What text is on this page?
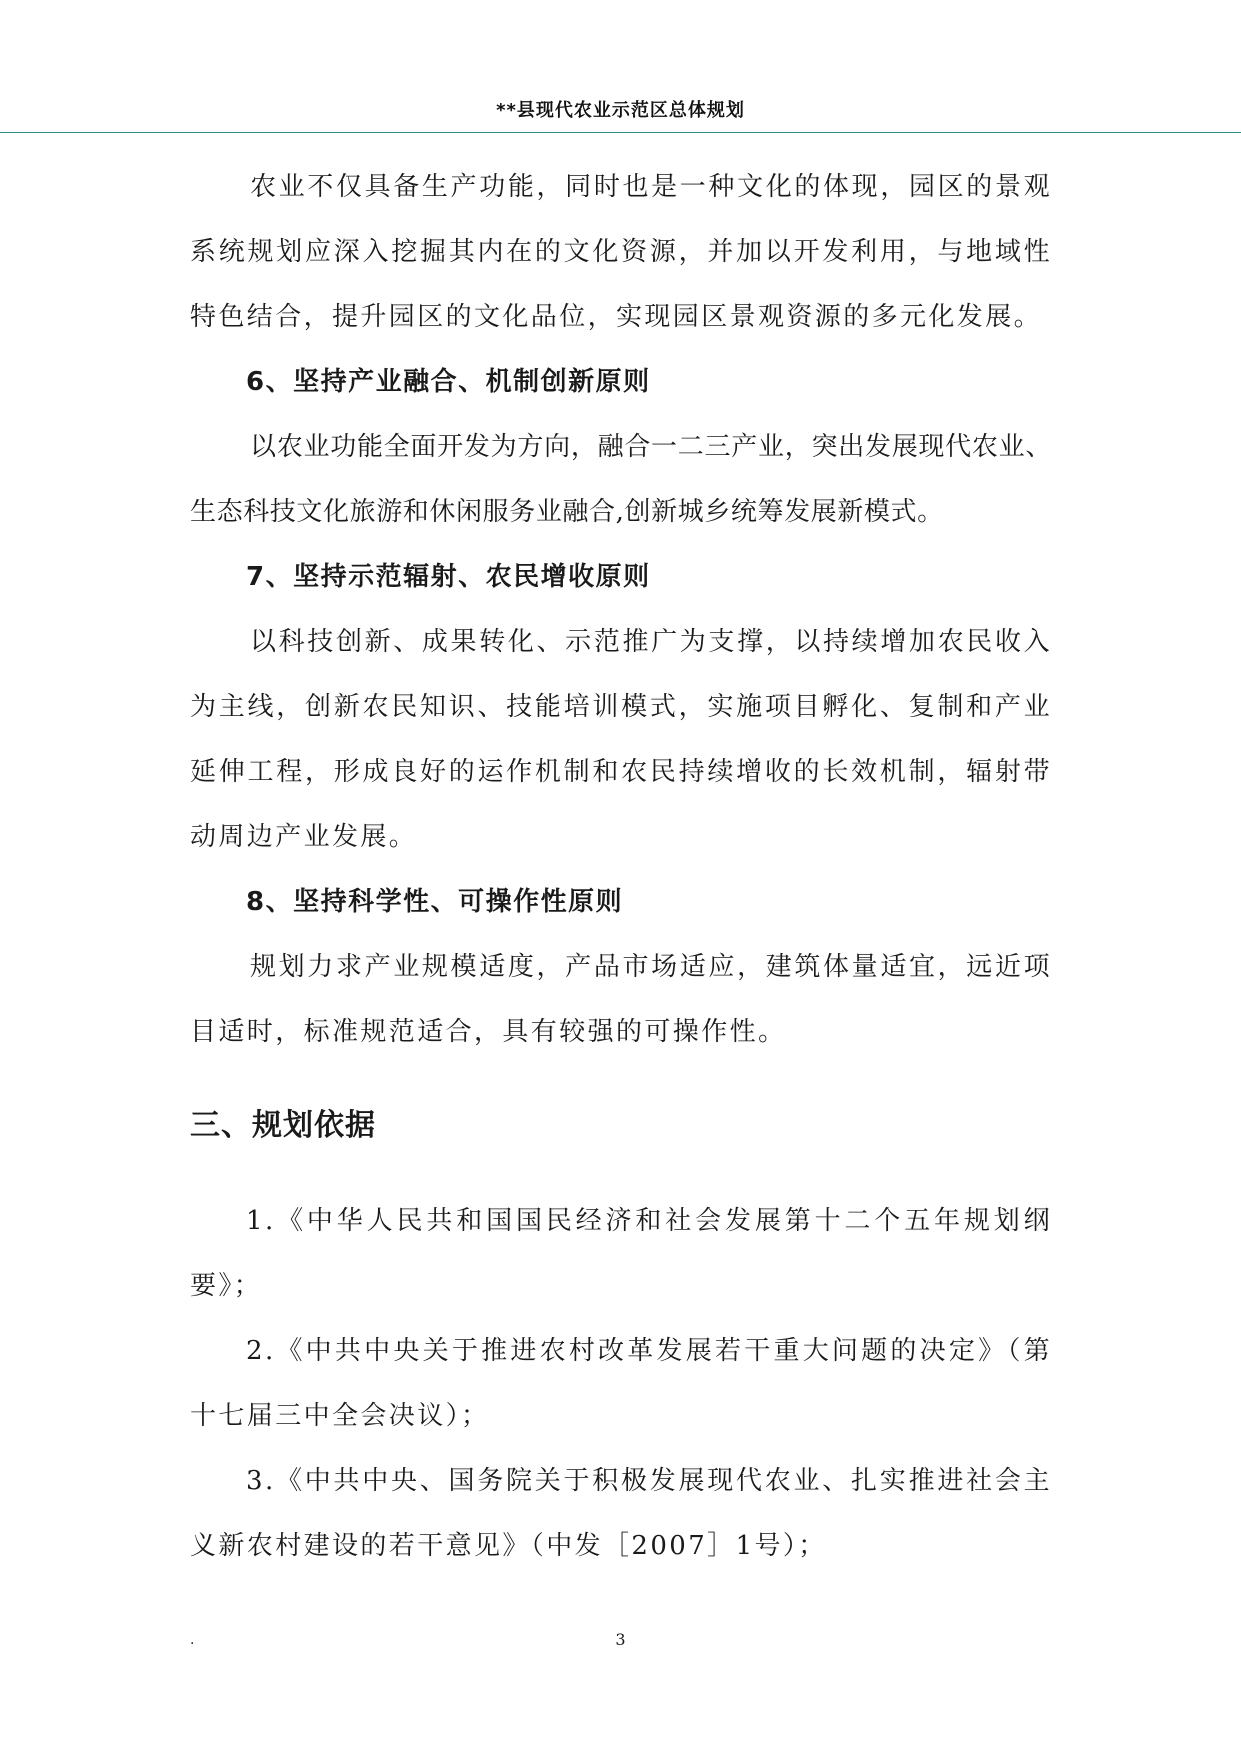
**县现代农业示范区总体规划

农业不仅具备生产功能，同时也是一种文化的体现，园区的景观系统规划应深入挖掘其内在的文化资源，并加以开发利用，与地域性特色结合，提升园区的文化品位，实现园区景观资源的多元化发展。

6、坚持产业融合、机制创新原则

以农业功能全面开发为方向，融合一二三产业，突出发展现代农业、生态科技文化旅游和休闲服务业融合,创新城乡统筹发展新模式。

7、坚持示范辐射、农民增收原则

以科技创新、成果转化、示范推广为支撑，以持续增加农民收入为主线，创新农民知识、技能培训模式，实施项目孵化、复制和产业延伸工程，形成良好的运作机制和农民持续增收的长效机制，辐射带动周边产业发展。

8、坚持科学性、可操作性原则

规划力求产业规模适度，产品市场适应，建筑体量适宜，远近项目适时，标准规范适合，具有较强的可操作性。

三、规划依据

1.《中华人民共和国国民经济和社会发展第十二个五年规划纲要》；

2.《中共中央关于推进农村改革发展若干重大问题的决定》（第十七届三中全会决议）；

3.《中共中央、国务院关于积极发展现代农业、扎实推进社会主义新农村建设的若干意见》（中发［2007］1号）；

.	3
